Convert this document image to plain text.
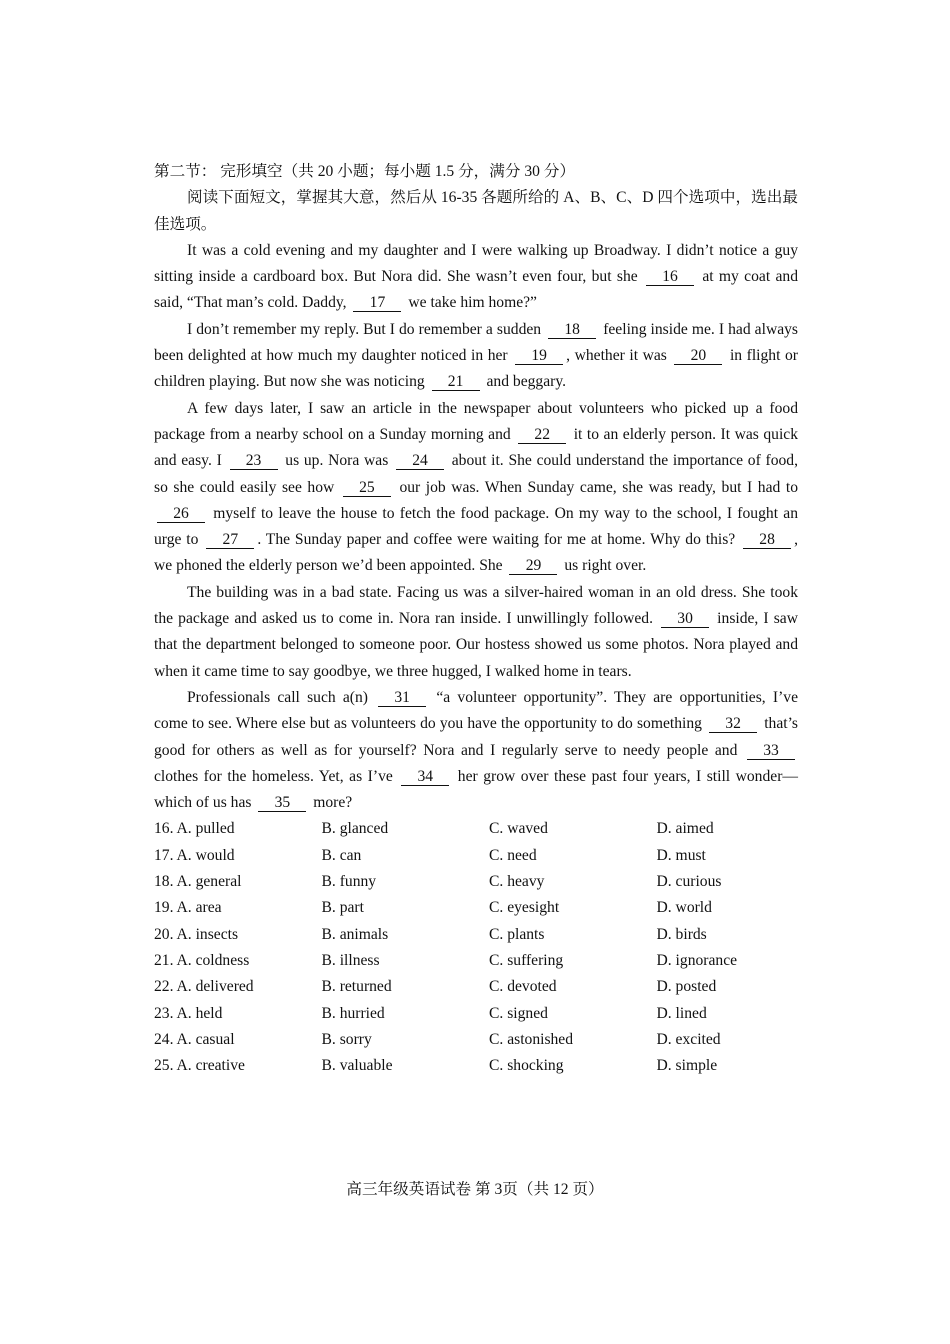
第二节： 完形填空（共 20 小题；每小题 1.5 分，满分 30 分）

阅读下面短文，掌握其大意，然后从 16-35 各题所给的 A、B、C、D 四个选项中，选出最佳选项。

It was a cold evening and my daughter and I were walking up Broadway. I didn’t notice a guy sitting inside a cardboard box. But Nora did. She wasn’t even four, but she 16 at my coat and said, “That man’s cold. Daddy, 17 we take him home?”

I don’t remember my reply. But I do remember a sudden 18 feeling inside me. I had always been delighted at how much my daughter noticed in her 19 , whether it was 20 in flight or children playing. But now she was noticing 21 and beggary.

A few days later, I saw an article in the newspaper about volunteers who picked up a food package from a nearby school on a Sunday morning and 22 it to an elderly person. It was quick and easy. I 23 us up. Nora was 24 about it. She could understand the importance of food, so she could easily see how 25 our job was. When Sunday came, she was ready, but I had to 26 myself to leave the house to fetch the food package. On my way to the school, I fought an urge to 27 . The Sunday paper and coffee were waiting for me at home. Why do this? 28 , we phoned the elderly person we’d been appointed. She 29 us right over.

The building was in a bad state. Facing us was a silver-haired woman in an old dress. She took the package and asked us to come in. Nora ran inside. I unwillingly followed. 30 inside, I saw that the department belonged to someone poor. Our hostess showed us some photos. Nora played and when it came time to say goodbye, we three hugged, I walked home in tears.

Professionals call such a(n) 31 “a volunteer opportunity”. They are opportunities, I’ve come to see. Where else but as volunteers do you have the opportunity to do something 32 that’s good for others as well as for yourself? Nora and I regularly serve to needy people and 33 clothes for the homeless. Yet, as I’ve 34 her grow over these past four years, I still wonder—which of us has 35 more?

16. A. pulled	B. glanced	C. waved	D. aimed
17. A. would	B. can	C. need	D. must
18. A. general	B. funny	C. heavy	D. curious
19. A. area	B. part	C. eyesight	D. world
20. A. insects	B. animals	C. plants	D. birds
21. A. coldness	B. illness	C. suffering	D. ignorance
22. A. delivered	B. returned	C. devoted	D. posted
23. A. held	B. hurried	C. signed	D. lined
24. A. casual	B. sorry	C. astonished	D. excited
25. A. creative	B. valuable	C. shocking	D. simple
高三年级英语试卷 第 3页（共 12 页）
